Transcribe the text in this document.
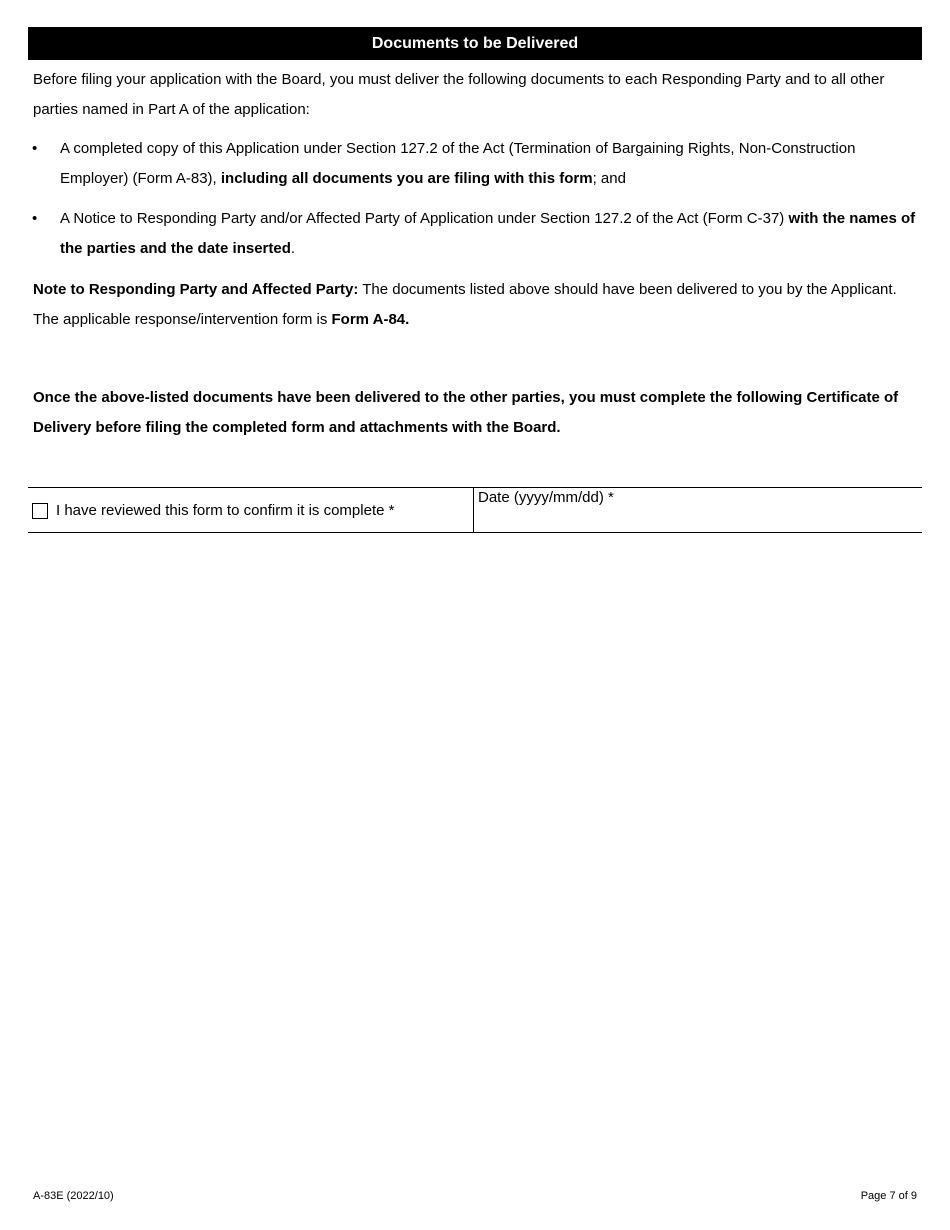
Documents to be Delivered

Before filing your application with the Board, you must deliver the following documents to each Responding Party and to all other parties named in Part A of the application:

• A completed copy of this Application under Section 127.2 of the Act (Termination of Bargaining Rights, Non-Construction Employer) (Form A-83), including all documents you are filing with this form; and
• A Notice to Responding Party and/or Affected Party of Application under Section 127.2 of the Act (Form C-37) with the names of the parties and the date inserted.

Note to Responding Party and Affected Party: The documents listed above should have been delivered to you by the Applicant. The applicable response/intervention form is Form A-84.

Once the above-listed documents have been delivered to the other parties, you must complete the following Certificate of Delivery before filing the completed form and attachments with the Board.

I have reviewed this form to confirm it is complete *
Date (yyyy/mm/dd) *
A-83E (2022/10)	Page 7 of 9
